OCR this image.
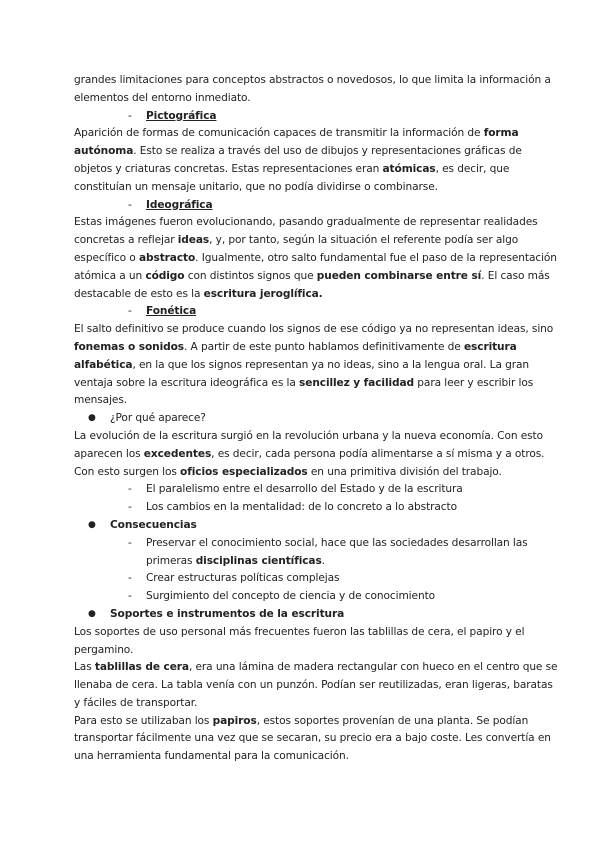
grandes limitaciones para conceptos abstractos o novedosos, lo que limita la información a
elementos del entorno inmediato.
- Pictográfica
Aparición de formas de comunicación capaces de transmitir la información de forma
autónoma. Esto se realiza a través del uso de dibujos y representaciones gráficas de
objetos y criaturas concretas. Estas representaciones eran atómicas, es decir, que
constituían un mensaje unitario, que no podía dividirse o combinarse.
- Ideográfica
Estas imágenes fueron evolucionando, pasando gradualmente de representar realidades
concretas a reflejar ideas, y, por tanto, según la situación el referente podía ser algo
específico o abstracto. Igualmente, otro salto fundamental fue el paso de la representación
atómica a un código con distintos signos que pueden combinarse entre sí. El caso más
destacable de esto es la escritura jeroglífica.
- Fonética
El salto definitivo se produce cuando los signos de ese código ya no representan ideas, sino
fonemas o sonidos. A partir de este punto hablamos definitivamente de escritura
alfabética, en la que los signos representan ya no ideas, sino a la lengua oral. La gran
ventaja sobre la escritura ideográfica es la sencillez y facilidad para leer y escribir los
mensajes.
● ¿Por qué aparece?
La evolución de la escritura surgió en la revolución urbana y la nueva economía. Con esto
aparecen los excedentes, es decir, cada persona podía alimentarse a sí misma y a otros.
Con esto surgen los oficios especializados en una primitiva división del trabajo.
- El paralelismo entre el desarrollo del Estado y de la escritura
- Los cambios en la mentalidad: de lo concreto a lo abstracto
● Consecuencias
- Preservar el conocimiento social, hace que las sociedades desarrollan las
primeras disciplinas científicas.
- Crear estructuras políticas complejas
- Surgimiento del concepto de ciencia y de conocimiento
● Soportes e instrumentos de la escritura
Los soportes de uso personal más frecuentes fueron las tablillas de cera, el papiro y el
pergamino.
Las tablillas de cera, era una lámina de madera rectangular con hueco en el centro que se
llenaba de cera. La tabla venía con un punzón. Podían ser reutilizadas, eran ligeras, baratas
y fáciles de transportar.
Para esto se utilizaban los papiros, estos soportes provenían de una planta. Se podían
transportar fácilmente una vez que se secaran, su precio era a bajo coste. Les convertía en
una herramienta fundamental para la comunicación.
